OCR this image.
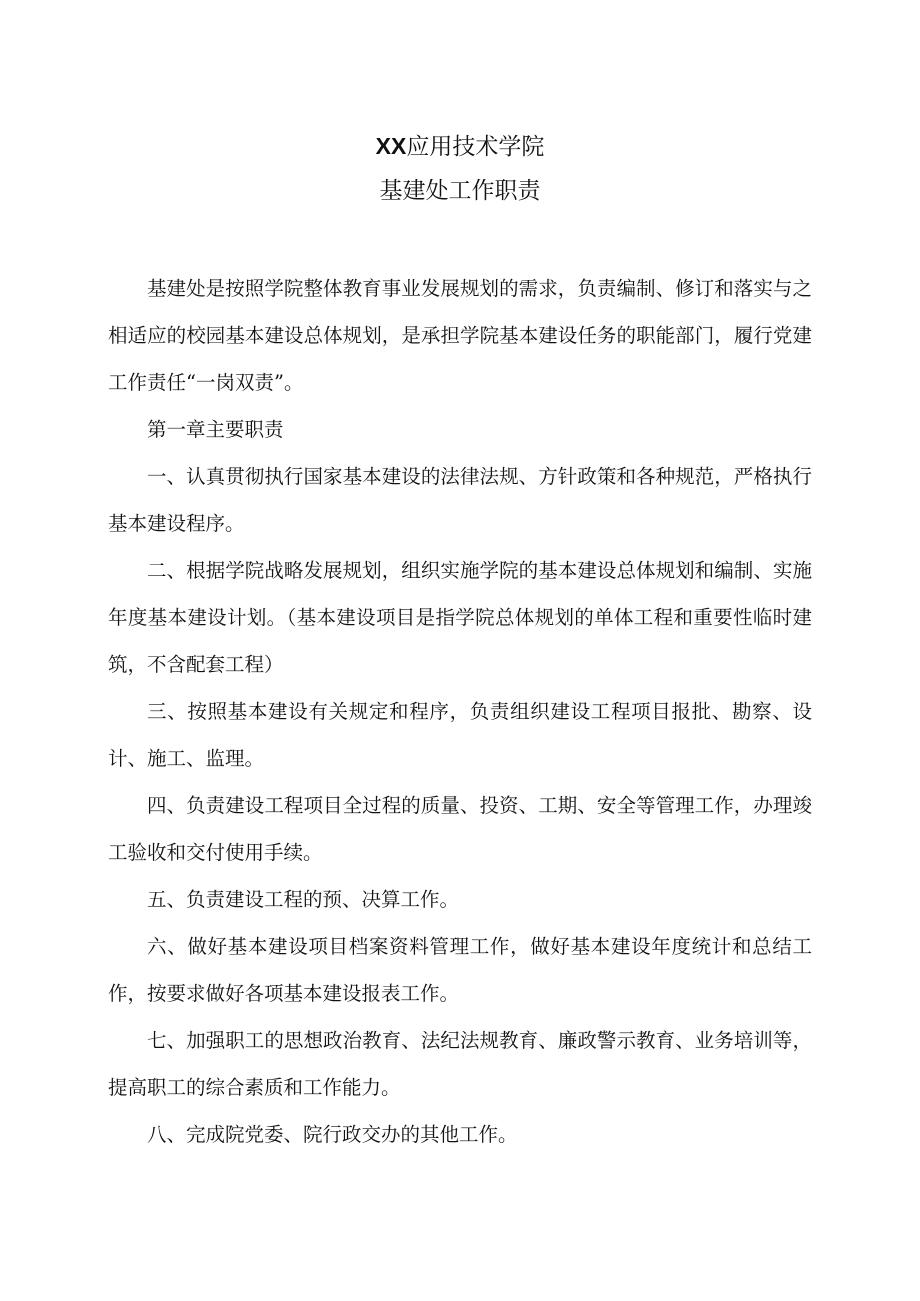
XX应用技术学院
基建处工作职责

基建处是按照学院整体教育事业发展规划的需求，负责编制、修订和落实与之相适应的校园基本建设总体规划，是承担学院基本建设任务的职能部门，履行党建工作责任“一岗双责”。

第一章主要职责

一、认真贯彻执行国家基本建设的法律法规、方针政策和各种规范，严格执行基本建设程序。

二、根据学院战略发展规划，组织实施学院的基本建设总体规划和编制、实施年度基本建设计划。（基本建设项目是指学院总体规划的单体工程和重要性临时建筑，不含配套工程）

三、按照基本建设有关规定和程序，负责组织建设工程项目报批、勘察、设计、施工、监理。

四、负责建设工程项目全过程的质量、投资、工期、安全等管理工作，办理竣工验收和交付使用手续。

五、负责建设工程的预、决算工作。

六、做好基本建设项目档案资料管理工作，做好基本建设年度统计和总结工作，按要求做好各项基本建设报表工作。

七、加强职工的思想政治教育、法纪法规教育、廉政警示教育、业务培训等，提高职工的综合素质和工作能力。

八、完成院党委、院行政交办的其他工作。
